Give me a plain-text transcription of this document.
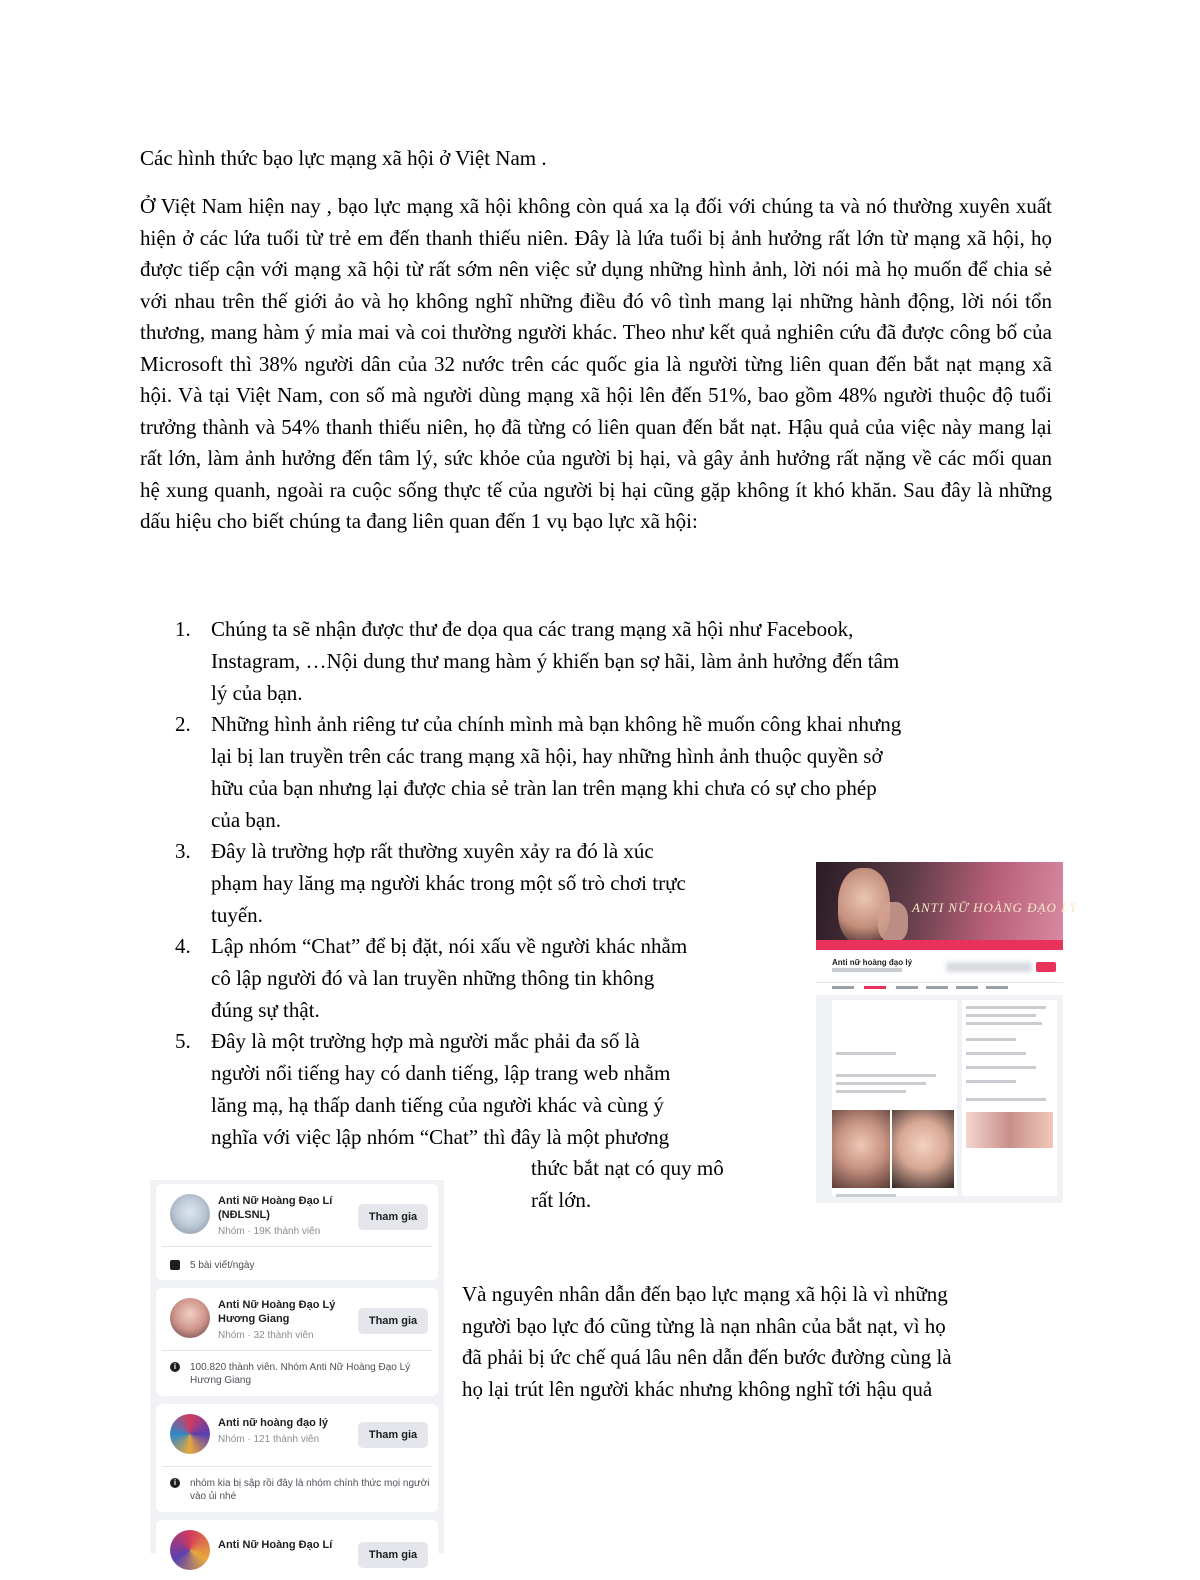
Các hình thức bạo lực mạng xã hội ở Việt Nam .

Ở Việt Nam hiện nay , bạo lực mạng xã hội không còn quá xa lạ đối với chúng ta và nó thường xuyên xuất hiện ở các lứa tuổi từ trẻ em đến thanh thiếu niên. Đây là lứa tuổi bị ảnh hưởng rất lớn từ mạng xã hội, họ được tiếp cận với mạng xã hội từ rất sớm nên việc sử dụng những hình ảnh, lời nói mà họ muốn để chia sẻ với nhau trên thế giới ảo và họ không nghĩ những điều đó vô tình mang lại những hành động, lời nói tổn thương, mang hàm ý mỉa mai và coi thường người khác. Theo như kết quả nghiên cứu đã được công bố của Microsoft thì 38% người dân của 32 nước trên các quốc gia là người từng liên quan đến bắt nạt mạng xã hội. Và tại Việt Nam, con số mà người dùng mạng xã hội lên đến 51%, bao gồm 48% người thuộc độ tuổi trưởng thành và 54% thanh thiếu niên, họ đã từng có liên quan đến bắt nạt. Hậu quả của việc này mang lại rất lớn, làm ảnh hưởng đến tâm lý, sức khỏe của người bị hại, và gây ảnh hưởng rất nặng về các mối quan hệ xung quanh, ngoài ra cuộc sống thực tế của người bị hại cũng gặp không ít khó khăn. Sau đây là những dấu hiệu cho biết chúng ta đang liên quan đến 1 vụ bạo lực xã hội:

1. Chúng ta sẽ nhận được thư đe dọa qua các trang mạng xã hội như Facebook,
Instagram, …Nội dung thư mang hàm ý khiến bạn sợ hãi, làm ảnh hưởng đến tâm
lý của bạn.
2. Những hình ảnh riêng tư của chính mình mà bạn không hề muốn công khai nhưng
lại bị lan truyền trên các trang mạng xã hội, hay những hình ảnh thuộc quyền sở
hữu của bạn nhưng lại được chia sẻ tràn lan trên mạng khi chưa có sự cho phép
của bạn.
3. Đây là trường hợp rất thường xuyên xảy ra đó là xúc
phạm hay lăng mạ người khác trong một số trò chơi trực
tuyến.
4. Lập nhóm “Chat” để bị đặt, nói xấu về người khác nhằm
cô lập người đó và lan truyền những thông tin không
đúng sự thật.
5. Đây là một trường hợp mà người mắc phải đa số là
người nổi tiếng hay có danh tiếng, lập trang web nhằm
lăng mạ, hạ thấp danh tiếng của người khác và cùng ý
nghĩa với việc lập nhóm “Chat” thì đây là một phương
thức bắt nạt có quy mô
rất lớn.
Và nguyên nhân dẫn đến bạo lực mạng xã hội là vì những
người bạo lực đó cũng từng là nạn nhân của bắt nạt, vì họ
đã phải bị ức chế quá lâu nên dẫn đến bước đường cùng là
họ lại trút lên người khác nhưng không nghĩ tới hậu quả
ANTI NỮ HOÀNG ĐẠO LÝ
Anti nữ hoàng đạo lý
Anti Nữ Hoàng Đạo Lí (NĐLSNL)
Nhóm · 19K thành viên
Tham gia
5 bài viết/ngày
Anti Nữ Hoàng Đạo Lý Hương Giang
Nhóm · 32 thành viên
Tham gia
i	100.820 thành viên. Nhóm Anti Nữ Hoàng Đạo Lý Hương Giang
Anti nữ hoàng đạo lý
Nhóm · 121 thành viên	Tham gia
i	nhóm kia bị sập rồi đây là nhóm chính thức mọi người vào ủi nhé
Anti Nữ Hoàng Đạo Lí
Tham gia
